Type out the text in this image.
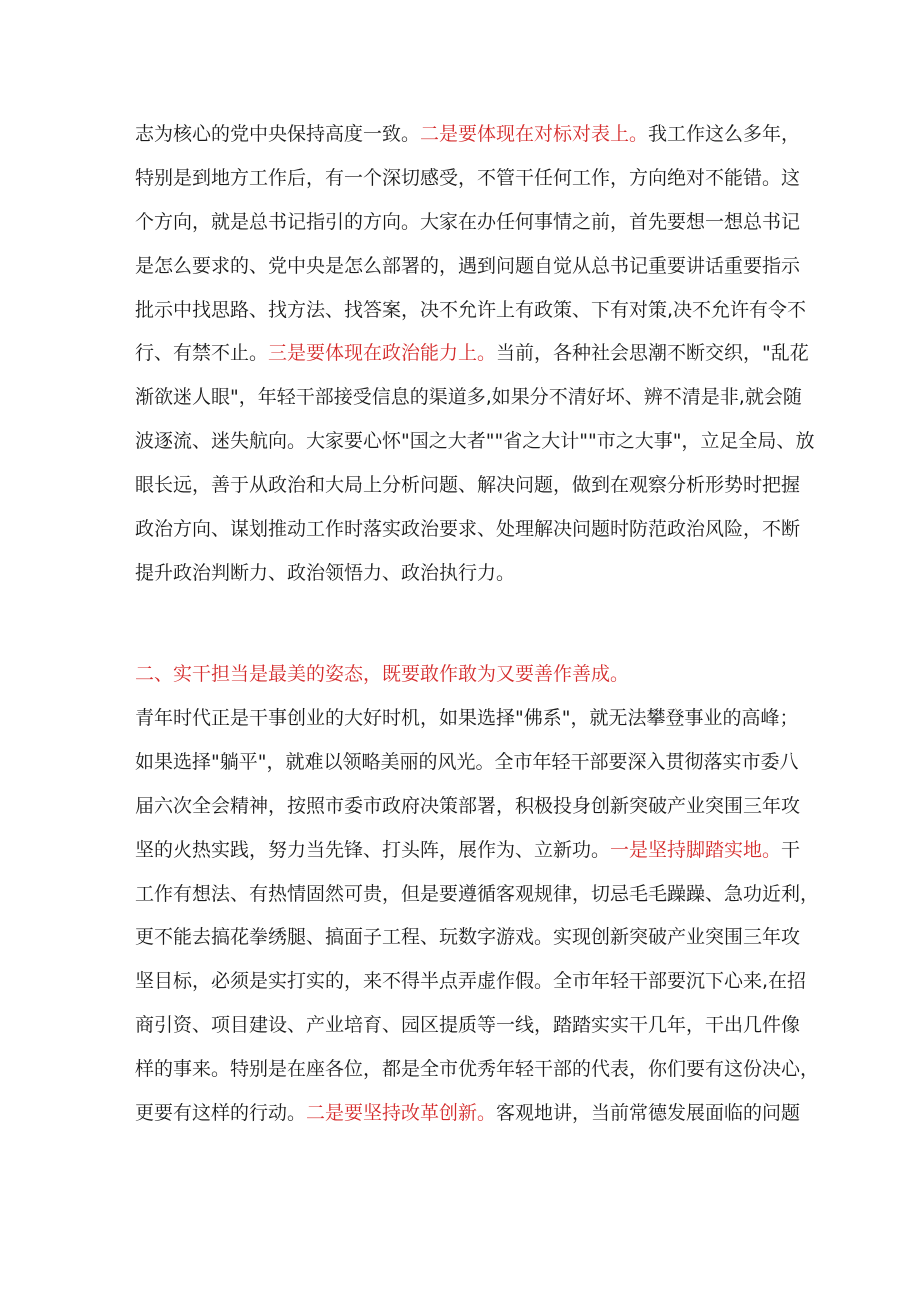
志为核心的党中央保持高度一致。二是要体现在对标对表上。我工作这么多年，
特别是到地方工作后，有一个深切感受，不管干任何工作，方向绝对不能错。这
个方向，就是总书记指引的方向。大家在办任何事情之前，首先要想一想总书记
是怎么要求的、党中央是怎么部署的，遇到问题自觉从总书记重要讲话重要指示
批示中找思路、找方法、找答案，决不允许上有政策、下有对策,决不允许有令不
行、有禁不止。三是要体现在政治能力上。当前，各种社会思潮不断交织，"乱花
渐欲迷人眼"，年轻干部接受信息的渠道多,如果分不清好坏、辨不清是非,就会随
波逐流、迷失航向。大家要心怀"国之大者""省之大计""市之大事"，立足全局、放
眼长远，善于从政治和大局上分析问题、解决问题，做到在观察分析形势时把握
政治方向、谋划推动工作时落实政治要求、处理解决问题时防范政治风险，不断
提升政治判断力、政治领悟力、政治执行力。
二、实干担当是最美的姿态，既要敢作敢为又要善作善成。
青年时代正是干事创业的大好时机，如果选择"佛系"，就无法攀登事业的高峰；
如果选择"躺平"，就难以领略美丽的风光。全市年轻干部要深入贯彻落实市委八
届六次全会精神，按照市委市政府决策部署，积极投身创新突破产业突围三年攻
坚的火热实践，努力当先锋、打头阵，展作为、立新功。一是坚持脚踏实地。干
工作有想法、有热情固然可贵，但是要遵循客观规律，切忌毛毛躁躁、急功近利，
更不能去搞花拳绣腿、搞面子工程、玩数字游戏。实现创新突破产业突围三年攻
坚目标，必须是实打实的，来不得半点弄虚作假。全市年轻干部要沉下心来,在招
商引资、项目建设、产业培育、园区提质等一线，踏踏实实干几年，干出几件像
样的事来。特别是在座各位，都是全市优秀年轻干部的代表，你们要有这份决心，
更要有这样的行动。二是要坚持改革创新。客观地讲，当前常德发展面临的问题
